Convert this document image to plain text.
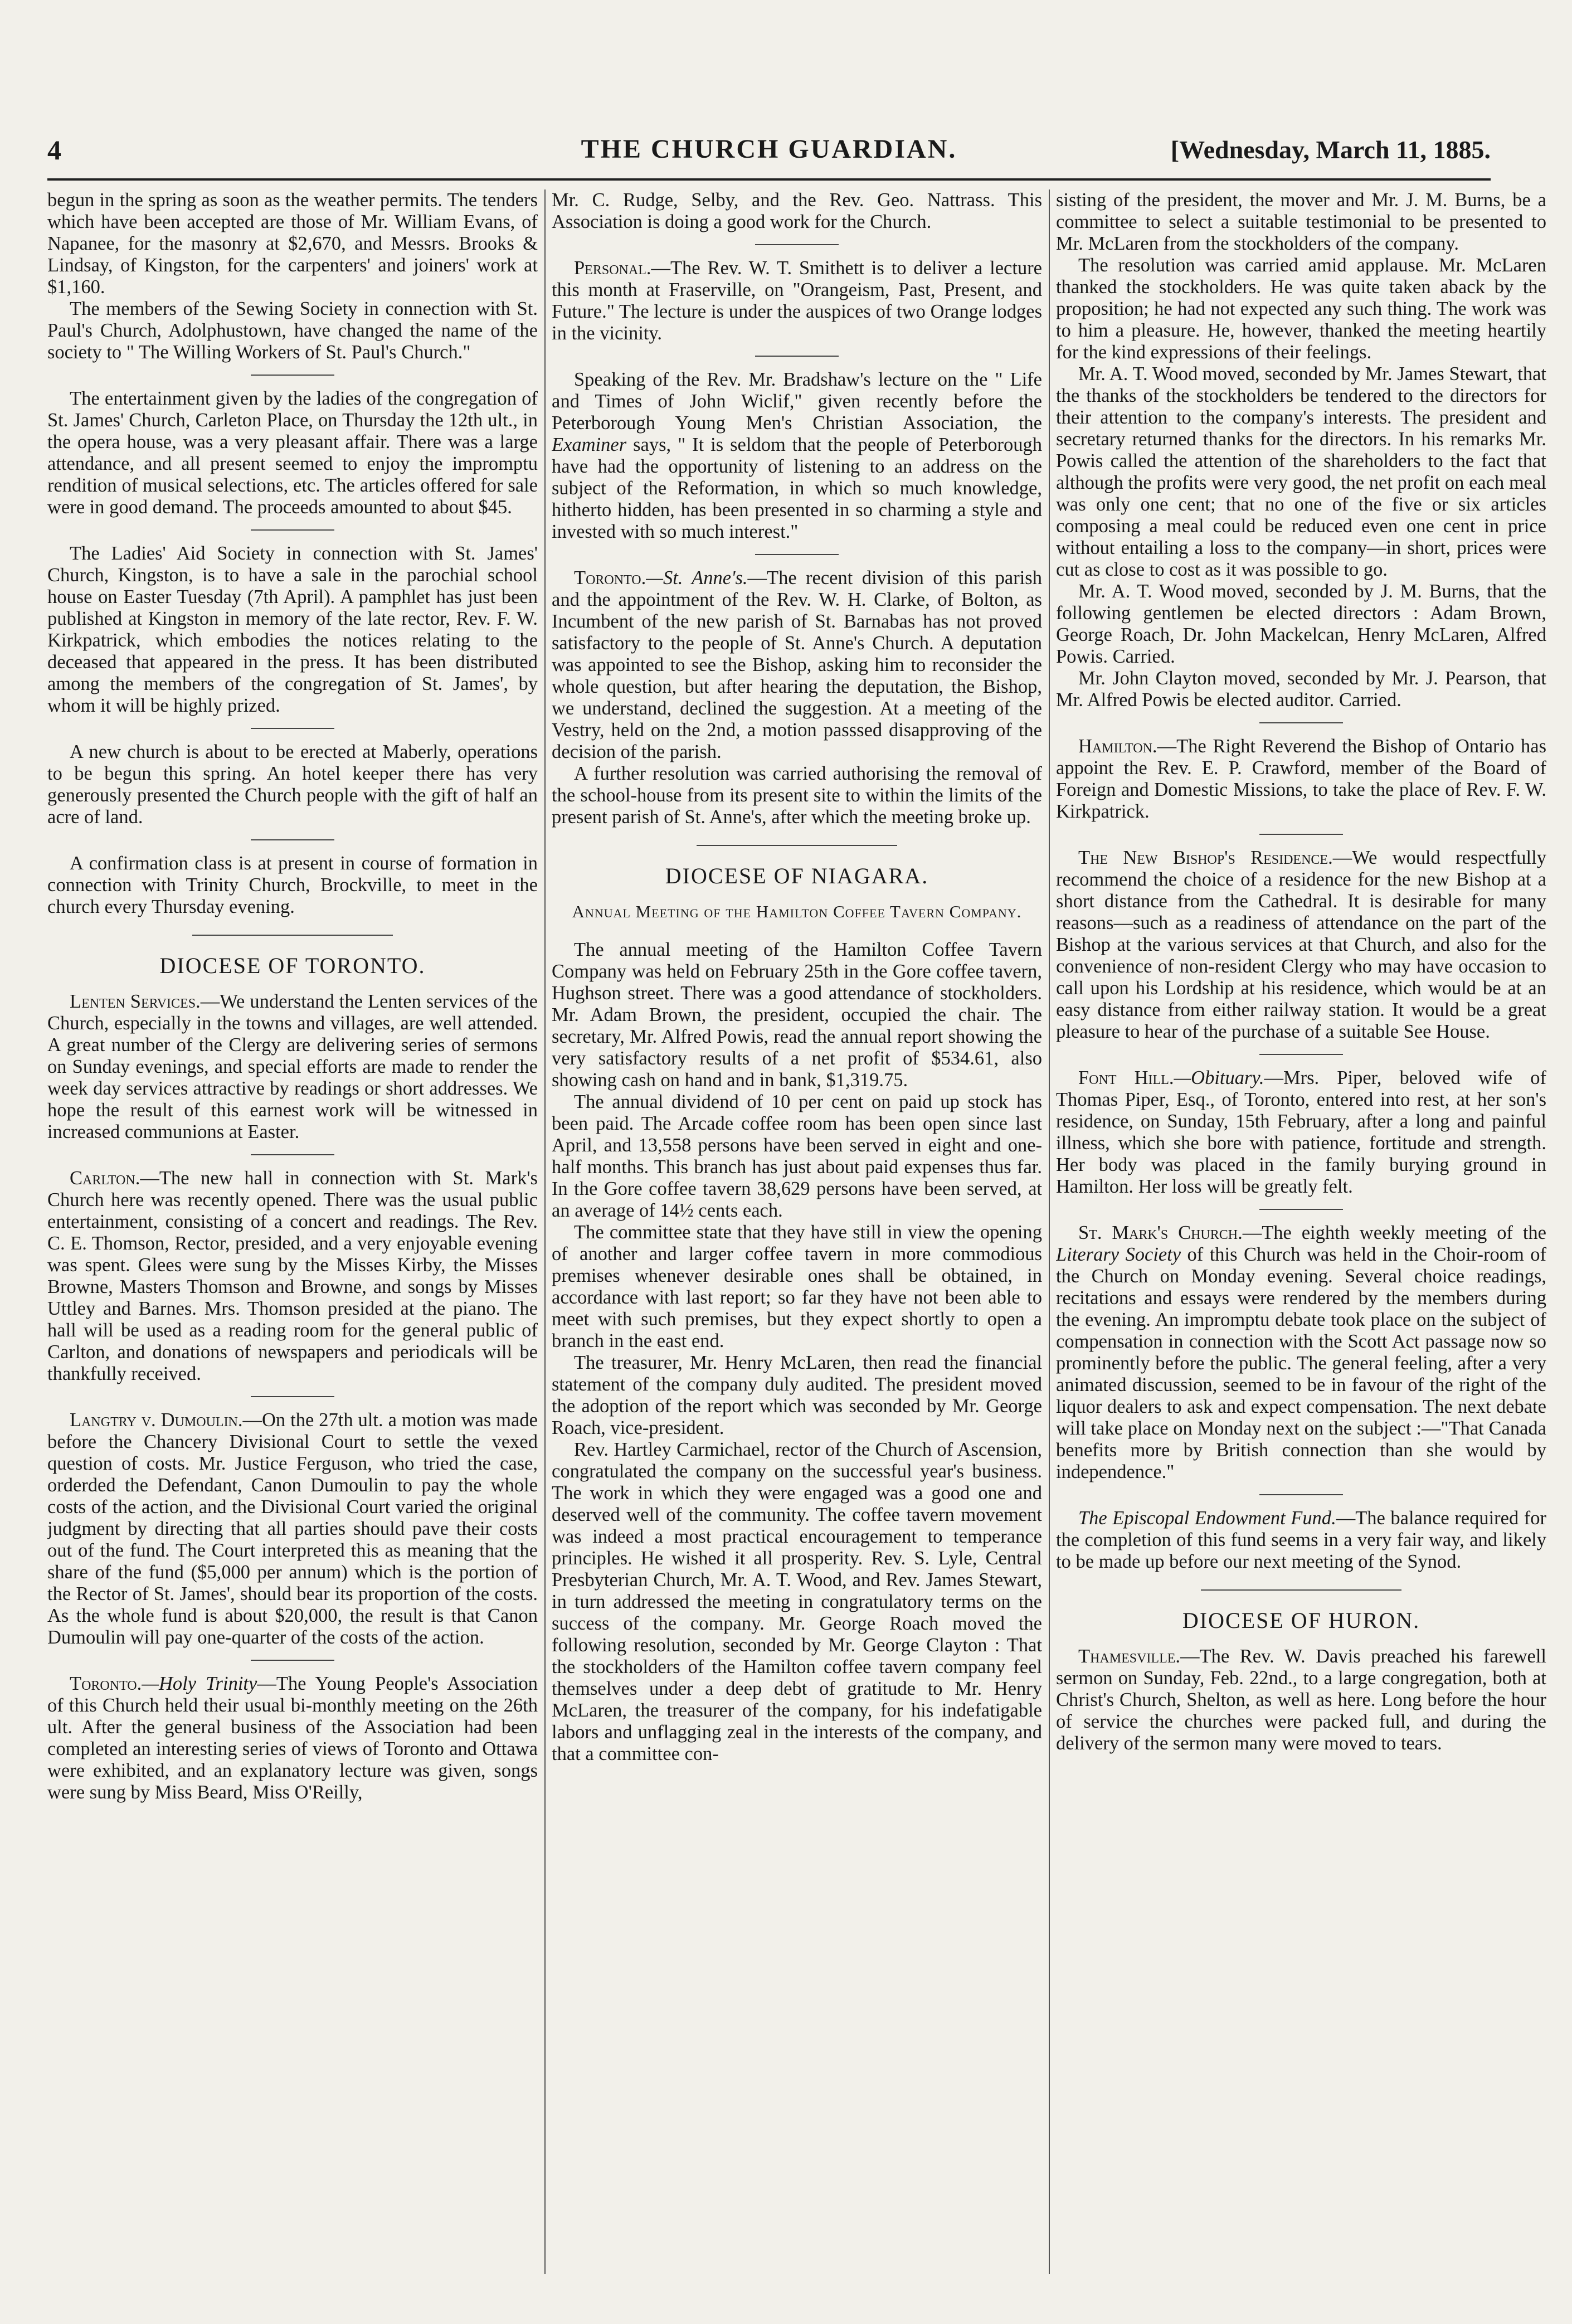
4	THE CHURCH GUARDIAN.	[Wednesday, March 11, 1885.

begun in the spring as soon as the weather permits. The tenders which have been accepted are those of Mr. William Evans, of Napanee, for the masonry at $2,670, and Messrs. Brooks & Lindsay, of Kingston, for the carpenters' and joiners' work at $1,160.

The members of the Sewing Society in connection with St. Paul's Church, Adolphustown, have changed the name of the society to " The Willing Workers of St. Paul's Church."

The entertainment given by the ladies of the congregation of St. James' Church, Carleton Place, on Thursday the 12th ult., in the opera house, was a very pleasant affair. There was a large attendance, and all present seemed to enjoy the impromptu rendition of musical selections, etc. The articles offered for sale were in good demand. The proceeds amounted to about $45.

The Ladies' Aid Society in connection with St. James' Church, Kingston, is to have a sale in the parochial school house on Easter Tuesday (7th April). A pamphlet has just been published at Kingston in memory of the late rector, Rev. F. W. Kirkpatrick, which embodies the notices relating to the deceased that appeared in the press. It has been distributed among the members of the congregation of St. James', by whom it will be highly prized.

A new church is about to be erected at Maberly, operations to be begun this spring. An hotel keeper there has very generously presented the Church people with the gift of half an acre of land.

A confirmation class is at present in course of formation in connection with Trinity Church, Brockville, to meet in the church every Thursday evening.

DIOCESE OF TORONTO.

Lenten Services.—We understand the Lenten services of the Church, especially in the towns and villages, are well attended. A great number of the Clergy are delivering series of sermons on Sunday evenings, and special efforts are made to render the week day services attractive by readings or short addresses. We hope the result of this earnest work will be witnessed in increased communions at Easter.

Carlton.—The new hall in connection with St. Mark's Church here was recently opened. There was the usual public entertainment, consisting of a concert and readings. The Rev. C. E. Thomson, Rector, presided, and a very enjoyable evening was spent. Glees were sung by the Misses Kirby, the Misses Browne, Masters Thomson and Browne, and songs by Misses Uttley and Barnes. Mrs. Thomson presided at the piano. The hall will be used as a reading room for the general public of Carlton, and donations of newspapers and periodicals will be thankfully received.

Langtry v. Dumoulin.—On the 27th ult. a motion was made before the Chancery Divisional Court to settle the vexed question of costs. Mr. Justice Ferguson, who tried the case, orderded the Defendant, Canon Dumoulin to pay the whole costs of the action, and the Divisional Court varied the original judgment by directing that all parties should pave their costs out of the fund. The Court interpreted this as meaning that the share of the fund ($5,000 per annum) which is the portion of the Rector of St. James', should bear its proportion of the costs. As the whole fund is about $20,000, the result is that Canon Dumoulin will pay one-quarter of the costs of the action.

Toronto.—Holy Trinity—The Young People's Association of this Church held their usual bi-monthly meeting on the 26th ult. After the general business of the Association had been completed an interesting series of views of Toronto and Ottawa were exhibited, and an explanatory lecture was given, songs were sung by Miss Beard, Miss O'Reilly,

Mr. C. Rudge, Selby, and the Rev. Geo. Nattrass. This Association is doing a good work for the Church.

Personal.—The Rev. W. T. Smithett is to deliver a lecture this month at Fraserville, on "Orangeism, Past, Present, and Future." The lecture is under the auspices of two Orange lodges in the vicinity.

Speaking of the Rev. Mr. Bradshaw's lecture on the " Life and Times of John Wiclif," given recently before the Peterborough Young Men's Christian Association, the Examiner says, " It is seldom that the people of Peterborough have had the opportunity of listening to an address on the subject of the Reformation, in which so much knowledge, hitherto hidden, has been presented in so charming a style and invested with so much interest."

Toronto.—St. Anne's.—The recent division of this parish and the appointment of the Rev. W. H. Clarke, of Bolton, as Incumbent of the new parish of St. Barnabas has not proved satisfactory to the people of St. Anne's Church. A deputation was appointed to see the Bishop, asking him to reconsider the whole question, but after hearing the deputation, the Bishop, we understand, declined the suggestion. At a meeting of the Vestry, held on the 2nd, a motion passsed disapproving of the decision of the parish.

A further resolution was carried authorising the removal of the school-house from its present site to within the limits of the present parish of St. Anne's, after which the meeting broke up.

DIOCESE OF NIAGARA.
Annual Meeting of the Hamilton Coffee Tavern Company.

The annual meeting of the Hamilton Coffee Tavern Company was held on February 25th in the Gore coffee tavern, Hughson street. There was a good attendance of stockholders. Mr. Adam Brown, the president, occupied the chair. The secretary, Mr. Alfred Powis, read the annual report showing the very satisfactory results of a net profit of $534.61, also showing cash on hand and in bank, $1,319.75.

The annual dividend of 10 per cent on paid up stock has been paid. The Arcade coffee room has been open since last April, and 13,558 persons have been served in eight and one-half months. This branch has just about paid expenses thus far. In the Gore coffee tavern 38,629 persons have been served, at an average of 14½ cents each.

The committee state that they have still in view the opening of another and larger coffee tavern in more commodious premises whenever desirable ones shall be obtained, in accordance with last report; so far they have not been able to meet with such premises, but they expect shortly to open a branch in the east end.

The treasurer, Mr. Henry McLaren, then read the financial statement of the company duly audited. The president moved the adoption of the report which was seconded by Mr. George Roach, vice-president.

Rev. Hartley Carmichael, rector of the Church of Ascension, congratulated the company on the successful year's business. The work in which they were engaged was a good one and deserved well of the community. The coffee tavern movement was indeed a most practical encouragement to temperance principles. He wished it all prosperity. Rev. S. Lyle, Central Presbyterian Church, Mr. A. T. Wood, and Rev. James Stewart, in turn addressed the meeting in congratulatory terms on the success of the company. Mr. George Roach moved the following resolution, seconded by Mr. George Clayton : That the stockholders of the Hamilton coffee tavern company feel themselves under a deep debt of gratitude to Mr. Henry McLaren, the treasurer of the company, for his indefatigable labors and unflagging zeal in the interests of the company, and that a committee con-

sisting of the president, the mover and Mr. J. M. Burns, be a committee to select a suitable testimonial to be presented to Mr. McLaren from the stockholders of the company.

The resolution was carried amid applause. Mr. McLaren thanked the stockholders. He was quite taken aback by the proposition; he had not expected any such thing. The work was to him a pleasure. He, however, thanked the meeting heartily for the kind expressions of their feelings.

Mr. A. T. Wood moved, seconded by Mr. James Stewart, that the thanks of the stockholders be tendered to the directors for their attention to the company's interests. The president and secretary returned thanks for the directors. In his remarks Mr. Powis called the attention of the shareholders to the fact that although the profits were very good, the net profit on each meal was only one cent; that no one of the five or six articles composing a meal could be reduced even one cent in price without entailing a loss to the company—in short, prices were cut as close to cost as it was possible to go.

Mr. A. T. Wood moved, seconded by J. M. Burns, that the following gentlemen be elected directors : Adam Brown, George Roach, Dr. John Mackelcan, Henry McLaren, Alfred Powis. Carried.

Mr. John Clayton moved, seconded by Mr. J. Pearson, that Mr. Alfred Powis be elected auditor. Carried.

Hamilton.—The Right Reverend the Bishop of Ontario has appoint the Rev. E. P. Crawford, member of the Board of Foreign and Domestic Missions, to take the place of Rev. F. W. Kirkpatrick.

The New Bishop's Residence.—We would respectfully recommend the choice of a residence for the new Bishop at a short distance from the Cathedral. It is desirable for many reasons—such as a readiness of attendance on the part of the Bishop at the various services at that Church, and also for the convenience of non-resident Clergy who may have occasion to call upon his Lordship at his residence, which would be at an easy distance from either railway station. It would be a great pleasure to hear of the purchase of a suitable See House.

Font Hill.—Obituary.—Mrs. Piper, beloved wife of Thomas Piper, Esq., of Toronto, entered into rest, at her son's residence, on Sunday, 15th February, after a long and painful illness, which she bore with patience, fortitude and strength. Her body was placed in the family burying ground in Hamilton. Her loss will be greatly felt.

St. Mark's Church.—The eighth weekly meeting of the Literary Society of this Church was held in the Choir-room of the Church on Monday evening. Several choice readings, recitations and essays were rendered by the members during the evening. An impromptu debate took place on the subject of compensation in connection with the Scott Act passage now so prominently before the public. The general feeling, after a very animated discussion, seemed to be in favour of the right of the liquor dealers to ask and expect compensation. The next debate will take place on Monday next on the subject :—"That Canada benefits more by British connection than she would by independence."

The Episcopal Endowment Fund.—The balance required for the completion of this fund seems in a very fair way, and likely to be made up before our next meeting of the Synod.

DIOCESE OF HURON.

Thamesville.—The Rev. W. Davis preached his farewell sermon on Sunday, Feb. 22nd., to a large congregation, both at Christ's Church, Shelton, as well as here. Long before the hour of service the churches were packed full, and during the delivery of the sermon many were moved to tears.
